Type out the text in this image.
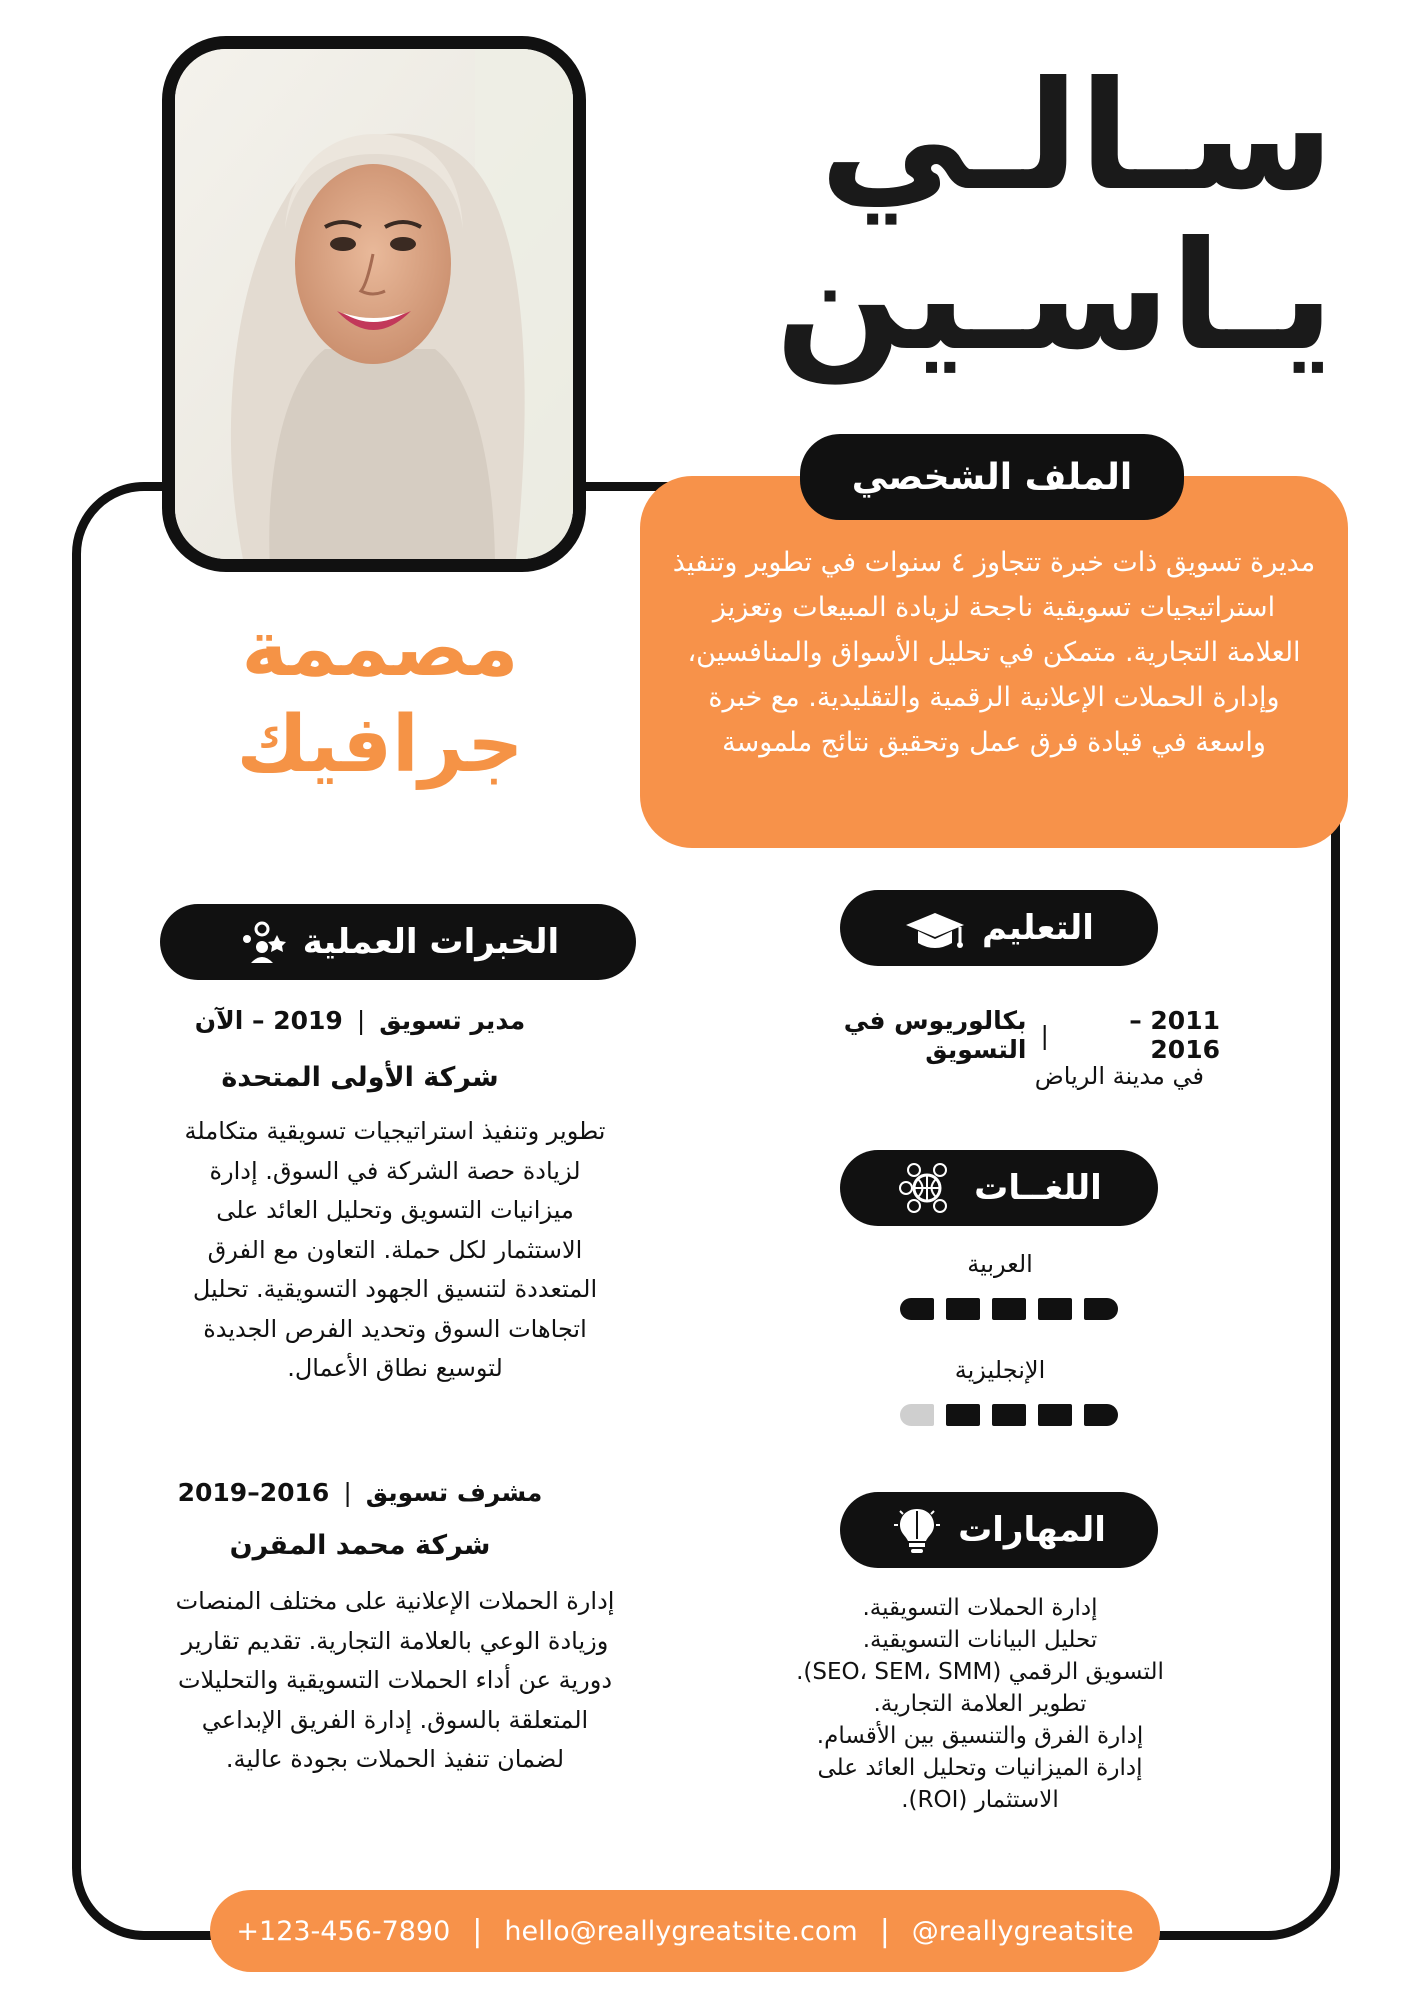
سـالـي
يـاسـين
مصممة
جرافيك
الملف الشخصي
مديرة تسويق ذات خبرة تتجاوز ٤ سنوات في تطوير وتنفيذ استراتيجيات تسويقية ناجحة لزيادة المبيعات وتعزيز العلامة التجارية. متمكن في تحليل الأسواق والمنافسين، وإدارة الحملات الإعلانية الرقمية والتقليدية. مع خبرة واسعة في قيادة فرق عمل وتحقيق نتائج ملموسة
الخبرات العملية
مدير تسويق
|
2019 – الآن
شركة الأولى المتحدة
تطوير وتنفيذ استراتيجيات تسويقية متكاملة لزيادة حصة الشركة في السوق. إدارة ميزانيات التسويق وتحليل العائد على الاستثمار لكل حملة. التعاون مع الفرق المتعددة لتنسيق الجهود التسويقية. تحليل اتجاهات السوق وتحديد الفرص الجديدة لتوسيع نطاق الأعمال.
مشرف تسويق
|
2016–2019
شركة محمد المقرن
إدارة الحملات الإعلانية على مختلف المنصات وزيادة الوعي بالعلامة التجارية. تقديم تقارير دورية عن أداء الحملات التسويقية والتحليلات المتعلقة بالسوق. إدارة الفريق الإبداعي لضمان تنفيذ الحملات بجودة عالية.
التعليم
2011 –2016
|
بكالوريوس في التسويق
في مدينة الرياض
اللغــات
العربية
الإنجليزية
المهارات
إدارة الحملات التسويقية.
تحليل البيانات التسويقية.
التسويق الرقمي (SEO، SEM، SMM).
تطوير العلامة التجارية.
إدارة الفرق والتنسيق بين الأقسام.
إدارة الميزانيات وتحليل العائد على
الاستثمار (ROI).
+123-456-7890 | hello@reallygreatsite.com | @reallygreatsite
